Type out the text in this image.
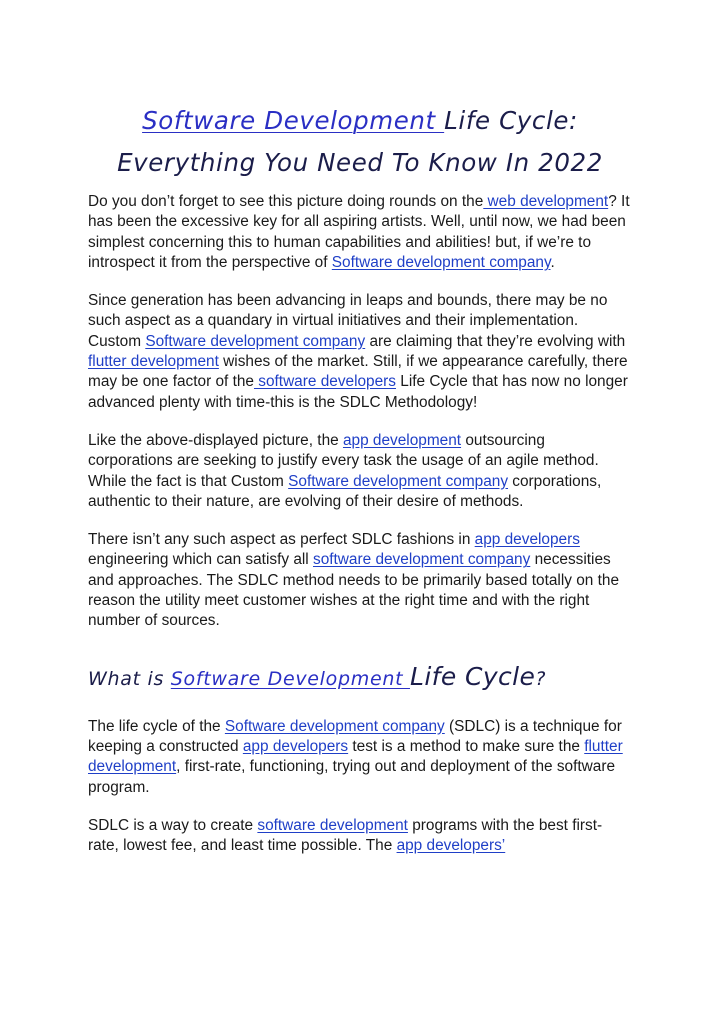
Software Development Life Cycle:
Everything You Need To Know In 2022

Do you don’t forget to see this picture doing rounds on the web development? It has been the excessive key for all aspiring artists. Well, until now, we had been simplest concerning this to human capabilities and abilities! but, if we’re to introspect it from the perspective of Software development company.

Since generation has been advancing in leaps and bounds, there may be no such aspect as a quandary in virtual initiatives and their implementation. Custom Software development company are claiming that they’re evolving with flutter development wishes of the market. Still, if we appearance carefully, there may be one factor of the software developers Life Cycle that has now no longer advanced plenty with time-this is the SDLC Methodology!

Like the above-displayed picture, the app development outsourcing corporations are seeking to justify every task the usage of an agile method. While the fact is that Custom Software development company corporations, authentic to their nature, are evolving of their desire of methods.

There isn’t any such aspect as perfect SDLC fashions in app developers engineering which can satisfy all software development company necessities and approaches. The SDLC method needs to be primarily based totally on the reason the utility meet customer wishes at the right time and with the right number of sources.

What is Software Development Life Cycle?

The life cycle of the Software development company (SDLC) is a technique for keeping a constructed app developers test is a method to make sure the flutter development, first-rate, functioning, trying out and deployment of the software program.

SDLC is a way to create software development programs with the best first-rate, lowest fee, and least time possible. The app developers’
